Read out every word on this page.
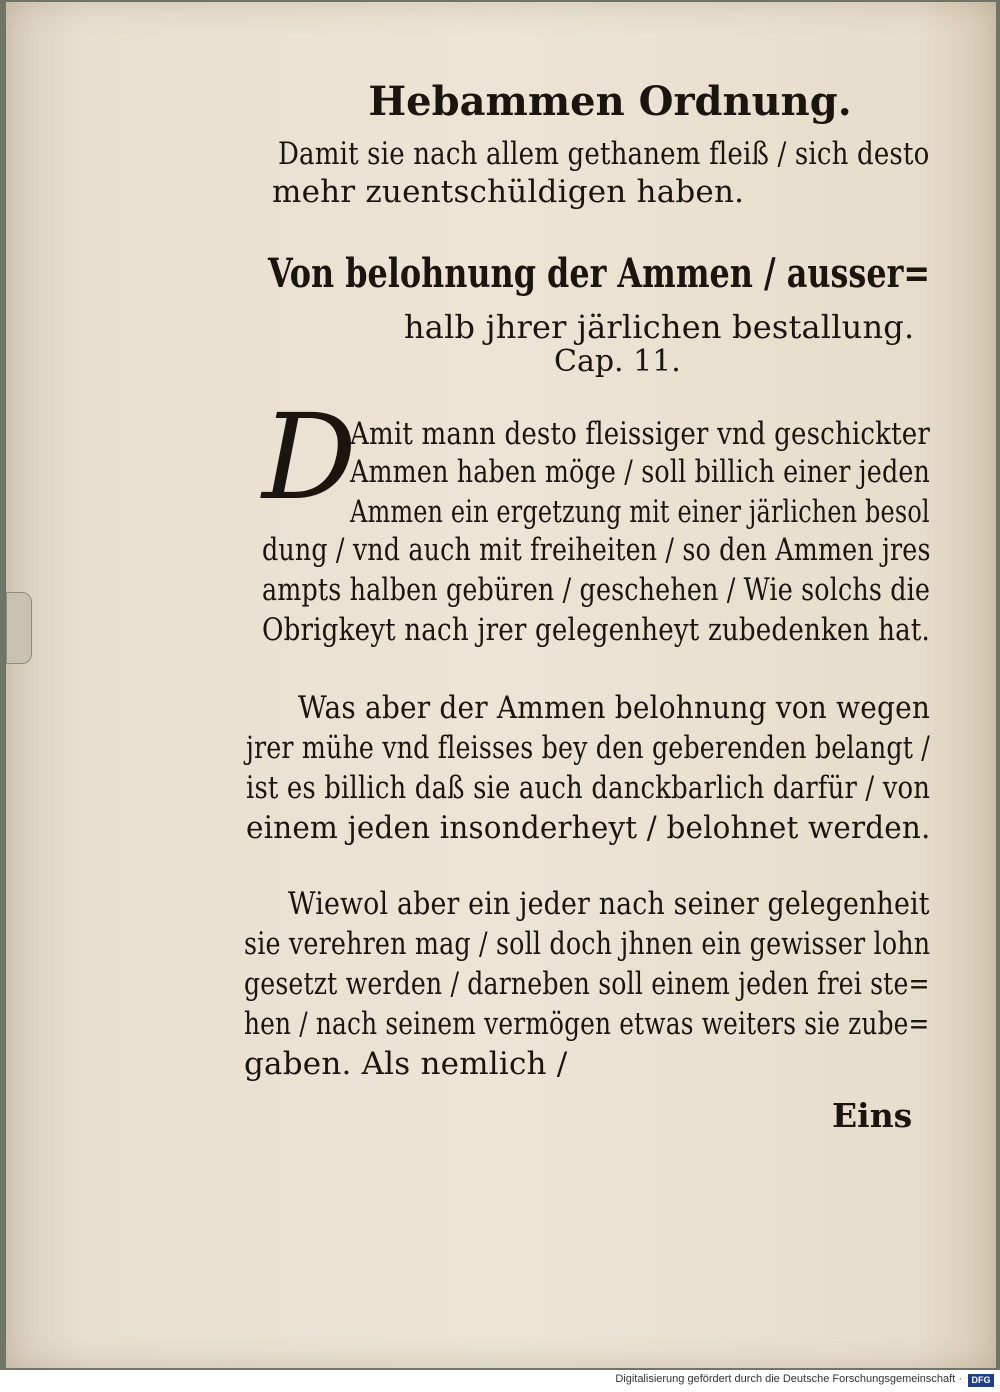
Hebammen Ordnung.
Damit sie nach allem gethanem fleiß / sich desto
mehr zuentschüldigen haben.
Von belohnung der Ammen / ausser=
halb jhrer järlichen bestallung.
Cap. 11.
D
Amit mann desto fleissiger vnd geschickter
Ammen haben möge / soll billich einer jeden
Ammen ein ergetzung mit einer järlichen besol
dung / vnd auch mit freiheiten / so den Ammen jres
ampts halben gebüren / geschehen / Wie solchs die
Obrigkeyt nach jrer gelegenheyt zubedenken hat.
Was aber der Ammen belohnung von wegen
jrer mühe vnd fleisses bey den geberenden belangt /
ist es billich daß sie auch danckbarlich darfür / von
einem jeden insonderheyt / belohnet werden.
Wiewol aber ein jeder nach seiner gelegenheit
sie verehren mag / soll doch jhnen ein gewisser lohn
gesetzt werden / darneben soll einem jeden frei ste=
hen / nach seinem vermögen etwas weiters sie zube=
gaben. Als nemlich /
Eins
Digitalisierung gefördert durch die Deutsche Forschungsgemeinschaft ·	DFG
